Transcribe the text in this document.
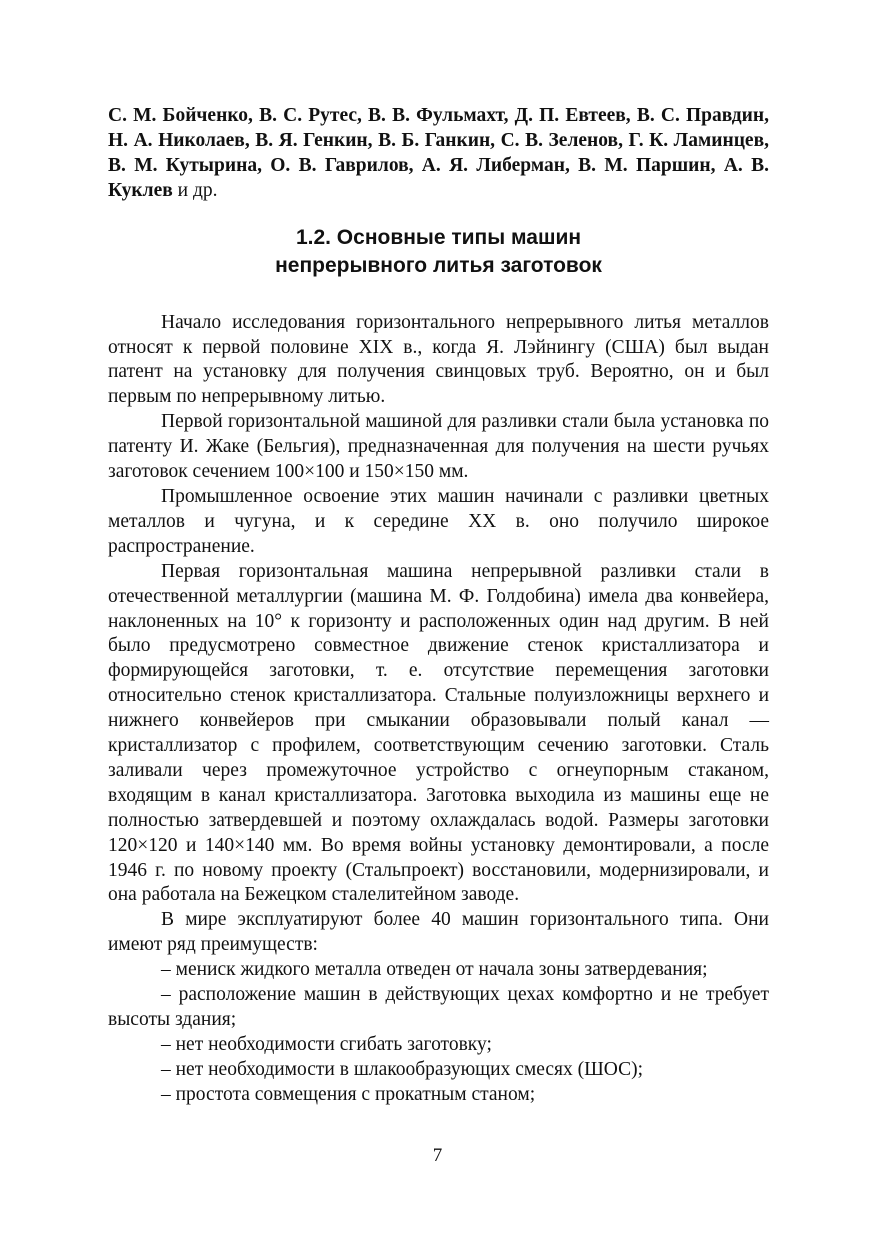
С. М. Бойченко, В. С. Рутес, В. В. Фульмахт, Д. П. Евтеев, В. С. Правдин, Н. А. Николаев, В. Я. Генкин, В. Б. Ганкин, С. В. Зеленов, Г. К. Ламинцев, В. М. Кутырина, О. В. Гаврилов, А. Я. Либерман, В. М. Паршин, А. В. Куклев и др.

1.2. Основные типы машин
непрерывного литья заготовок

Начало исследования горизонтального непрерывного литья металлов относят к первой половине XIX в., когда Я. Лэйнингу (США) был выдан патент на установку для получения свинцовых труб. Вероятно, он и был первым по непрерывному литью.

Первой горизонтальной машиной для разливки стали была установка по патенту И. Жаке (Бельгия), предназначенная для получения на шести ручьях заготовок сечением 100×100 и 150×150 мм.

Промышленное освоение этих машин начинали с разливки цветных металлов и чугуна, и к середине XX в. оно получило широкое распространение.

Первая горизонтальная машина непрерывной разливки стали в отечественной металлургии (машина М. Ф. Голдобина) имела два конвейера, наклоненных на 10° к горизонту и расположенных один над другим. В ней было предусмотрено совместное движение стенок кристаллизатора и формирующейся заготовки, т. е. отсутствие перемещения заготовки относительно стенок кристаллизатора. Стальные полуизложницы верхнего и нижнего конвейеров при смыкании образовывали полый канал — кристаллизатор с профилем, соответствующим сечению заготовки. Сталь заливали через промежуточное устройство с огнеупорным стаканом, входящим в канал кристаллизатора. Заготовка выходила из машины еще не полностью затвердевшей и поэтому охлаждалась водой. Размеры заготовки 120×120 и 140×140 мм. Во время войны установку демонтировали, а после 1946 г. по новому проекту (Стальпроект) восстановили, модернизировали, и она работала на Бежецком сталелитейном заводе.

В мире эксплуатируют более 40 машин горизонтального типа. Они имеют ряд преимуществ:

– мениск жидкого металла отведен от начала зоны затвердевания;
– расположение машин в действующих цехах комфортно и не требует высоты здания;
– нет необходимости сгибать заготовку;
– нет необходимости в шлакообразующих смесях (ШОС);
– простота совмещения с прокатным станом;
7
